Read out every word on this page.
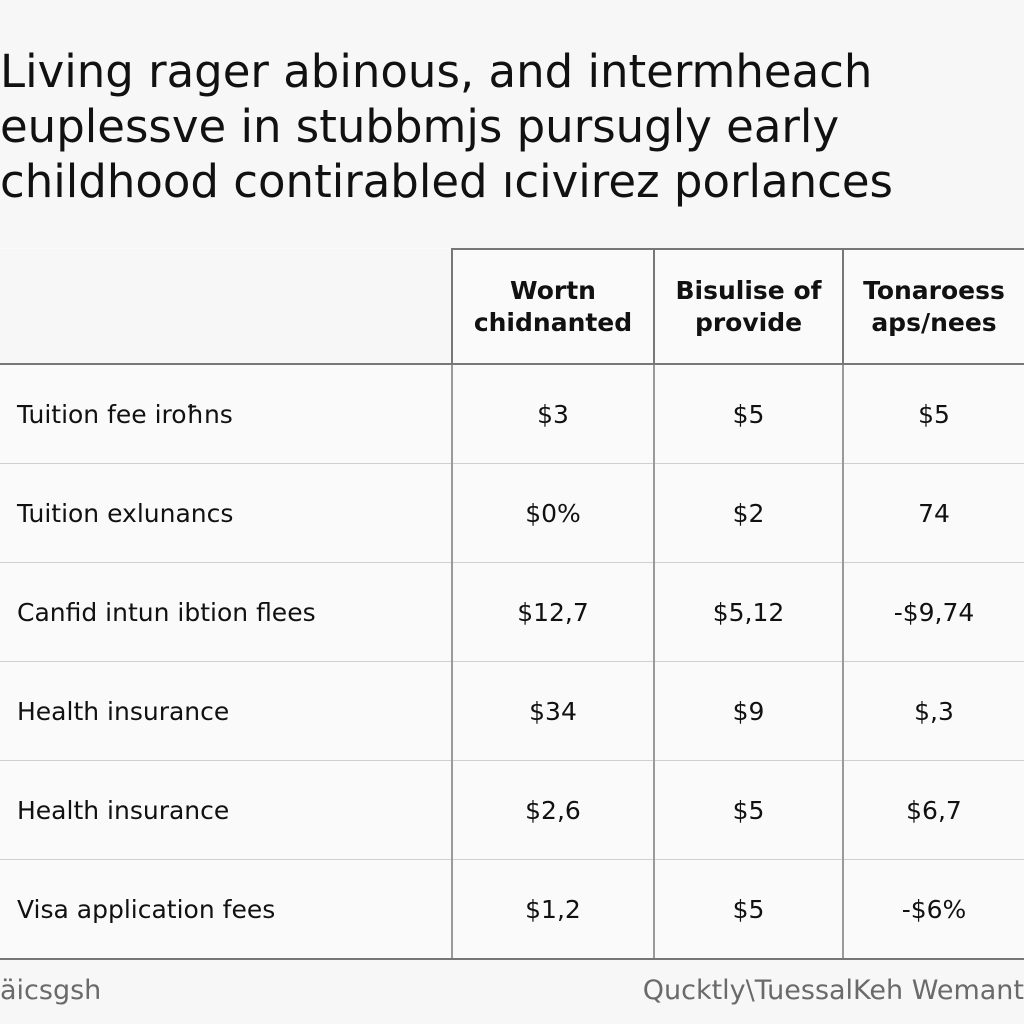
Living rager abinous, and intermheach
euplessve in stubbmjs pursugly early
childhood contirabled ıcivirez porlances
	Wortn chidnanted	Bisulise of provide	Tonaroess aps/nees
Tuition fee iroħns	$3	$5	$5
Tuition exlunancs	$0%	$2	74
Canfid intun ibtion flees	$12,7	$5,12	-$9,74
Health insurance	$34	$9	$,3
Health insurance	$2,6	$5	$6,7
Visa application fees	$1,2	$5	-$6%
äicsgsh	Qucktly\TuessalKeh Wemant
